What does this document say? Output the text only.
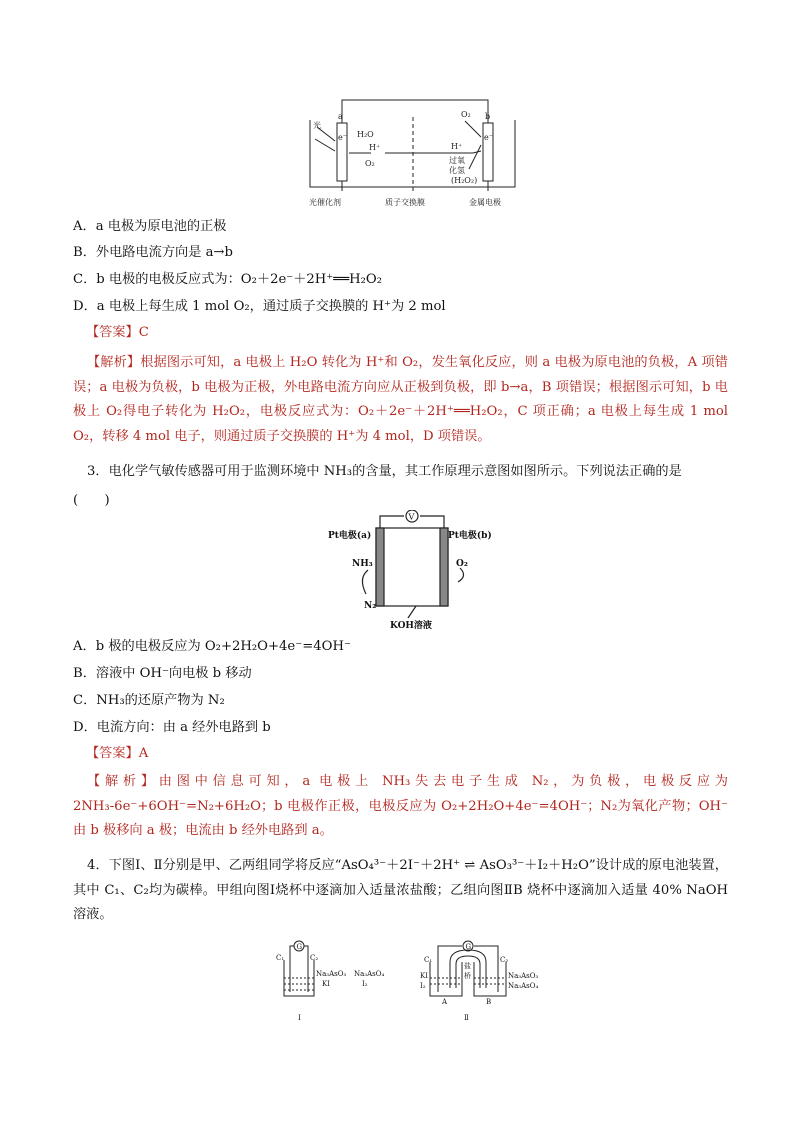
光
a	b
e⁻	e⁻
H₂O
H⁺
O₂
H⁺
O₂
过氧
化氢
(H₂O₂)
光催化剂	质子交换膜	金属电极
A．a 电极为原电池的正极
B．外电路电流方向是 a→b
C．b 电极的电极反应式为：O₂＋2e⁻＋2H⁺══H₂O₂
D．a 电极上每生成 1 mol O₂，通过质子交换膜的 H⁺为 2 mol
【答案】C
【解析】根据图示可知，a 电极上 H₂O 转化为 H⁺和 O₂，发生氧化反应，则 a 电极为原电池的负极，A 项错误；a 电极为负极，b 电极为正极，外电路电流方向应从正极到负极，即 b→a，B 项错误；根据图示可知，b 电极上 O₂得电子转化为 H₂O₂，电极反应式为：O₂＋2e⁻＋2H⁺══H₂O₂，C 项正确；a 电极上每生成 1 mol O₂，转移 4 mol 电子，则通过质子交换膜的 H⁺为 4 mol，D 项错误。
3．电化学气敏传感器可用于监测环境中 NH₃的含量，其工作原理示意图如图所示。下列说法正确的是
(　　)
V
Pt电极(a)	Pt电极(b)
NH₃
N₂
O₂
KOH溶液
A．b 极的电极反应为 O₂+2H₂O+4e⁻=4OH⁻
B．溶液中 OH⁻向电极 b 移动
C．NH₃的还原产物为 N₂
D．电流方向：由 a 经外电路到 b
【答案】A
【解析】由图中信息可知，a 电极上 NH₃失去电子生成 N₂，为负极，电极反应为 2NH₃-6e⁻+6OH⁻=N₂+6H₂O；b 电极作正极，电极反应为 O₂+2H₂O+4e⁻=4OH⁻；N₂为氧化产物；OH⁻由 b 极移向 a 极；电流由 b 经外电路到 a。
4．下图Ⅰ、Ⅱ分别是甲、乙两组同学将反应“AsO₄³⁻＋2I⁻＋2H⁺ ⇌ AsO₃³⁻＋I₂＋H₂O”设计成的原电池装置，其中 C₁、C₂均为碳棒。甲组向图Ⅰ烧杯中逐滴加入适量浓盐酸；乙组向图ⅡB 烧杯中逐滴加入适量 40% NaOH 溶液。
G
C₁	C₂
Na₃AsO₃ Na₃AsO₄
KI	I₂
Ⅰ
G
C₁	C₂
盐
桥
KI
I₂
Na₃AsO₃
Na₃AsO₄
A	B
Ⅱ
